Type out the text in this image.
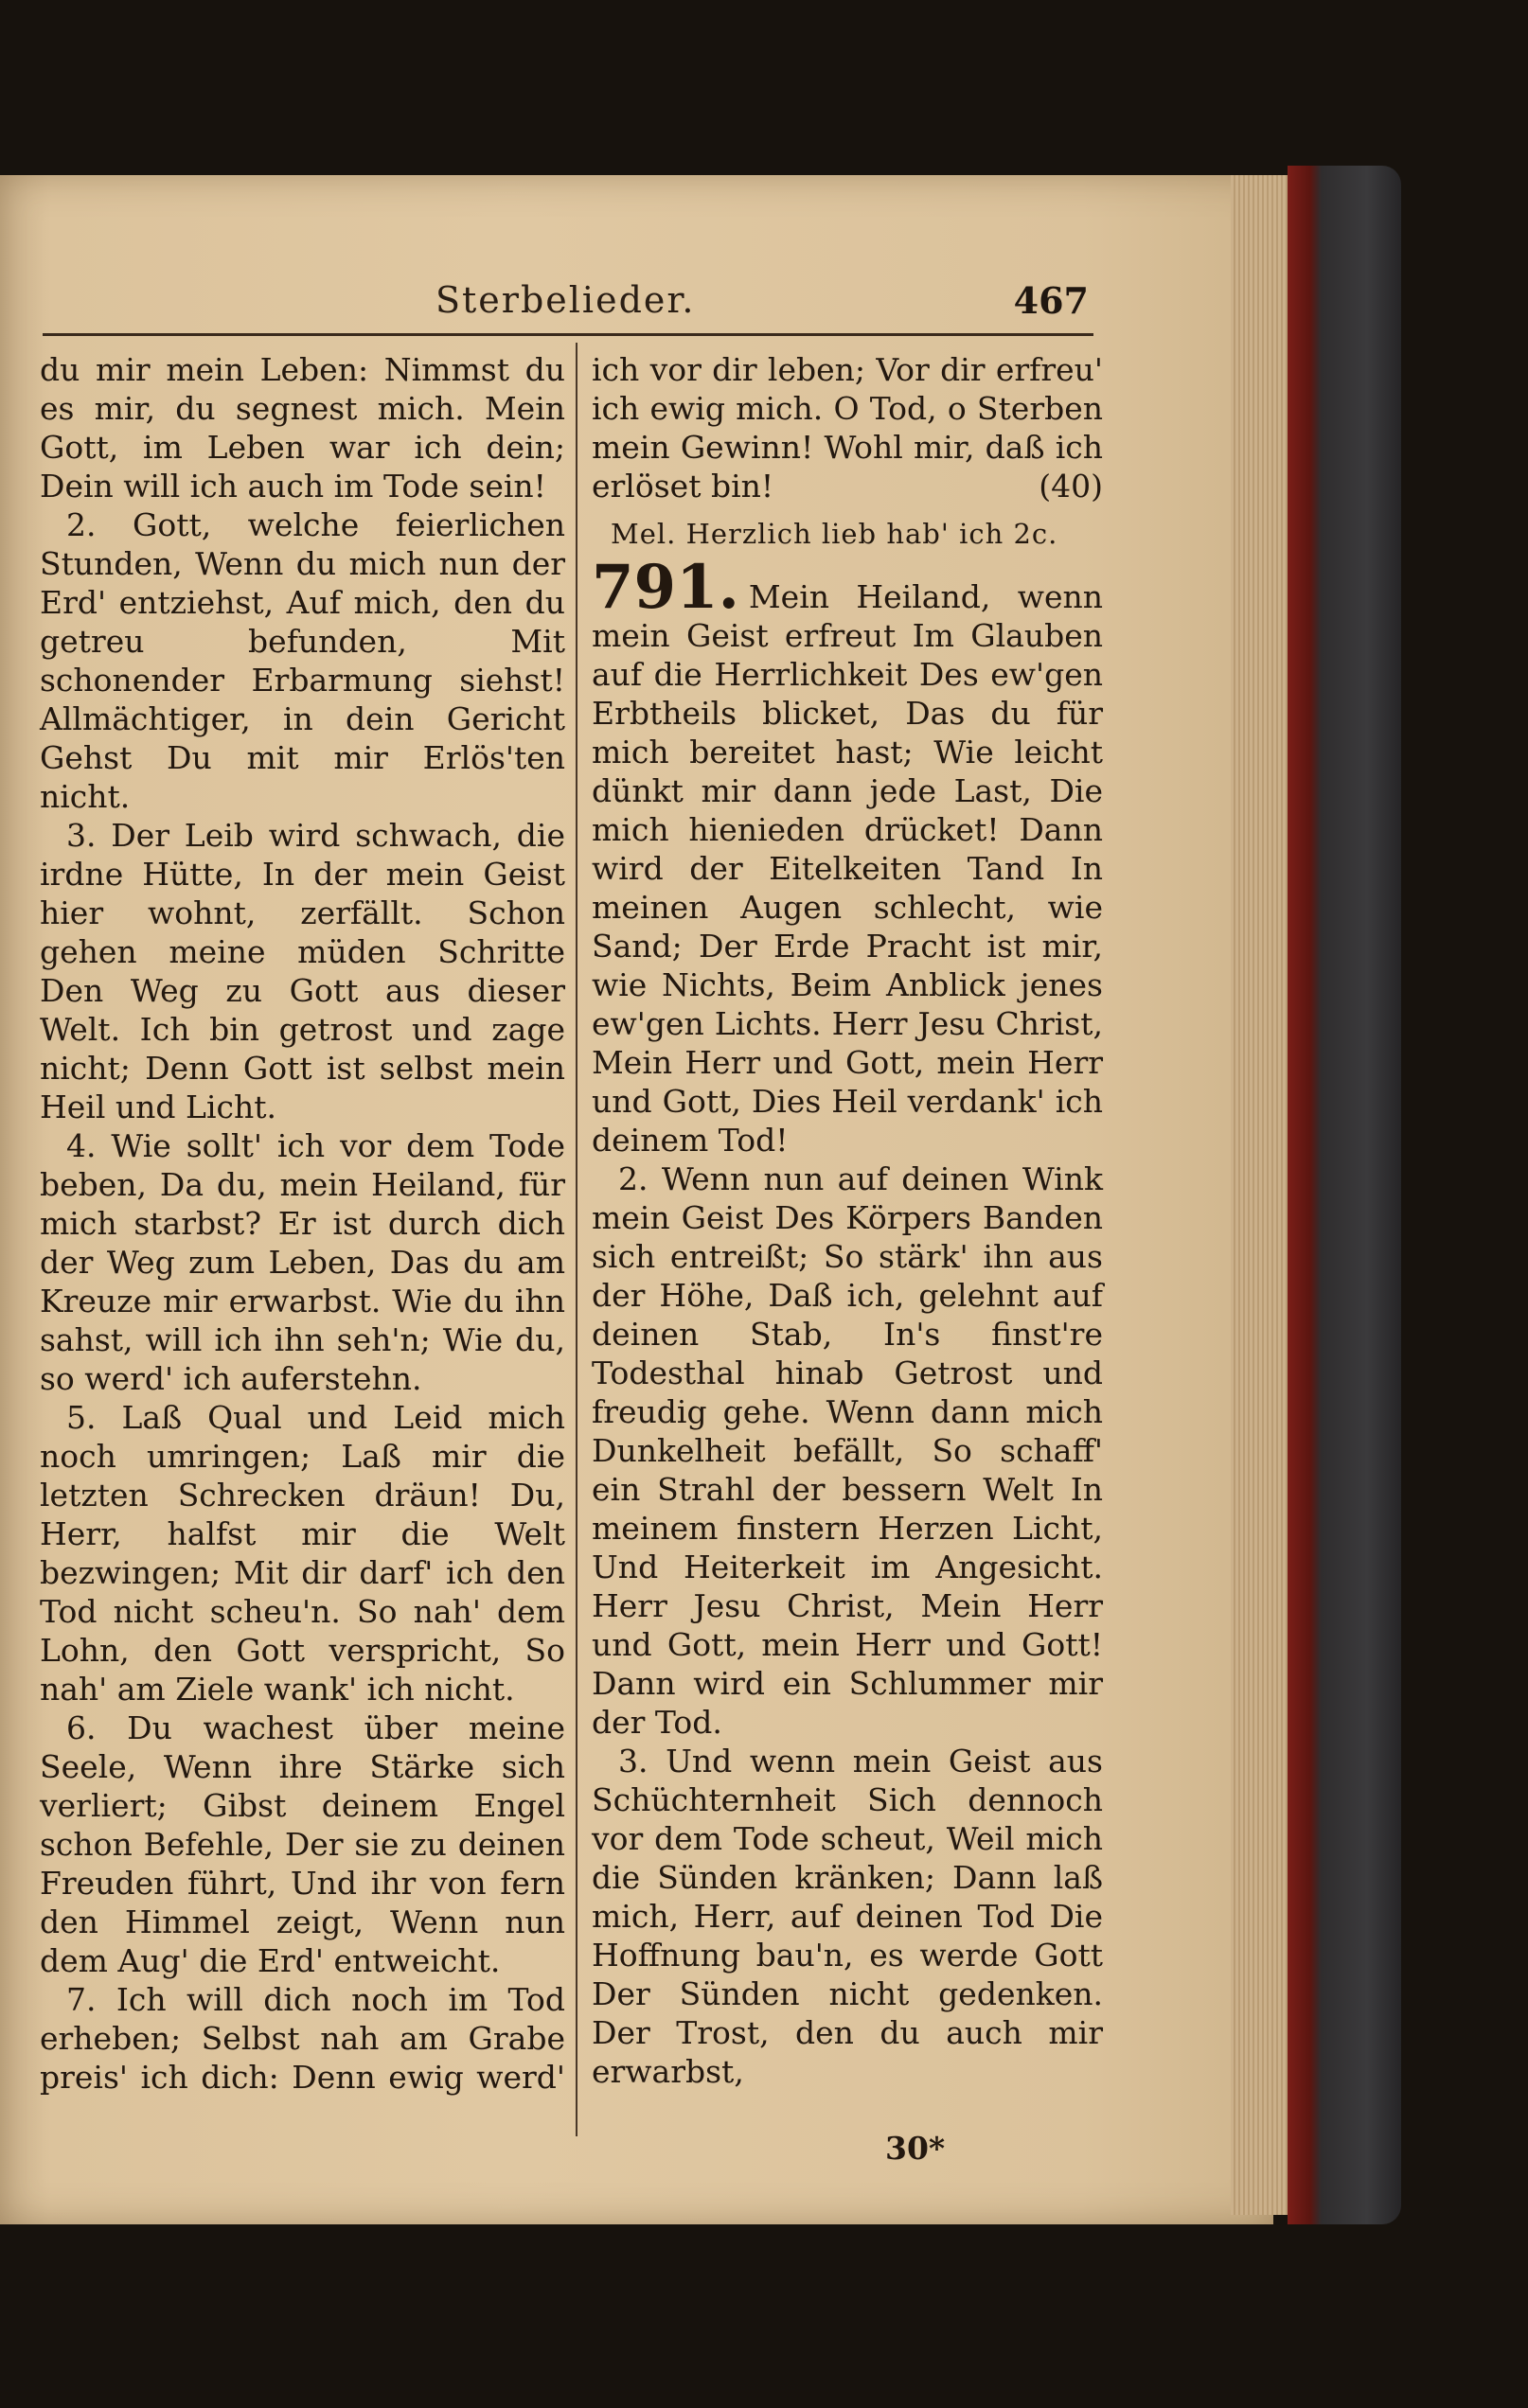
Sterbelieder.	467

du mir mein Leben: Nimmst du es mir, du segnest mich. Mein Gott, im Leben war ich dein; Dein will ich auch im Tode sein!

2. Gott, welche feierlichen Stunden, Wenn du mich nun der Erd' entziehst, Auf mich, den du getreu befunden, Mit schonender Erbarmung siehst! Allmächtiger, in dein Gericht Gehst Du mit mir Erlös'ten nicht.

3. Der Leib wird schwach, die irdne Hütte, In der mein Geist hier wohnt, zerfällt. Schon gehen meine müden Schritte Den Weg zu Gott aus dieser Welt. Ich bin getrost und zage nicht; Denn Gott ist selbst mein Heil und Licht.

4. Wie sollt' ich vor dem Tode beben, Da du, mein Heiland, für mich starbst? Er ist durch dich der Weg zum Leben, Das du am Kreuze mir erwarbst. Wie du ihn sahst, will ich ihn seh'n; Wie du, so werd' ich auferstehn.

5. Laß Qual und Leid mich noch umringen; Laß mir die letzten Schrecken dräun! Du, Herr, halfst mir die Welt bezwingen; Mit dir darf' ich den Tod nicht scheu'n. So nah' dem Lohn, den Gott verspricht, So nah' am Ziele wank' ich nicht.

6. Du wachest über meine Seele, Wenn ihre Stärke sich verliert; Gibst deinem Engel schon Befehle, Der sie zu deinen Freuden führt, Und ihr von fern den Himmel zeigt, Wenn nun dem Aug' die Erd' entweicht.

7. Ich will dich noch im Tod erheben; Selbst nah am Grabe preis' ich dich: Denn ewig werd'

ich vor dir leben; Vor dir erfreu' ich ewig mich. O Tod, o Sterben mein Gewinn! Wohl mir, daß ich erlöset bin!	(40)

Mel. Herzlich lieb hab' ich 2c.

791. Mein Heiland, wenn mein Geist erfreut Im Glauben auf die Herrlichkeit Des ew'gen Erbtheils blicket, Das du für mich bereitet hast; Wie leicht dünkt mir dann jede Last, Die mich hienieden drücket! Dann wird der Eitelkeiten Tand In meinen Augen schlecht, wie Sand; Der Erde Pracht ist mir, wie Nichts, Beim Anblick jenes ew'gen Lichts. Herr Jesu Christ, Mein Herr und Gott, mein Herr und Gott, Dies Heil verdank' ich deinem Tod!

2. Wenn nun auf deinen Wink mein Geist Des Körpers Banden sich entreißt; So stärk' ihn aus der Höhe, Daß ich, gelehnt auf deinen Stab, In's finst're Todesthal hinab Getrost und freudig gehe. Wenn dann mich Dunkelheit befällt, So schaff' ein Strahl der bessern Welt In meinem finstern Herzen Licht, Und Heiterkeit im Angesicht. Herr Jesu Christ, Mein Herr und Gott, mein Herr und Gott! Dann wird ein Schlummer mir der Tod.

3. Und wenn mein Geist aus Schüchternheit Sich dennoch vor dem Tode scheut, Weil mich die Sünden kränken; Dann laß mich, Herr, auf deinen Tod Die Hoffnung bau'n, es werde Gott Der Sünden nicht gedenken. Der Trost, den du auch mir erwarbst,

30*
